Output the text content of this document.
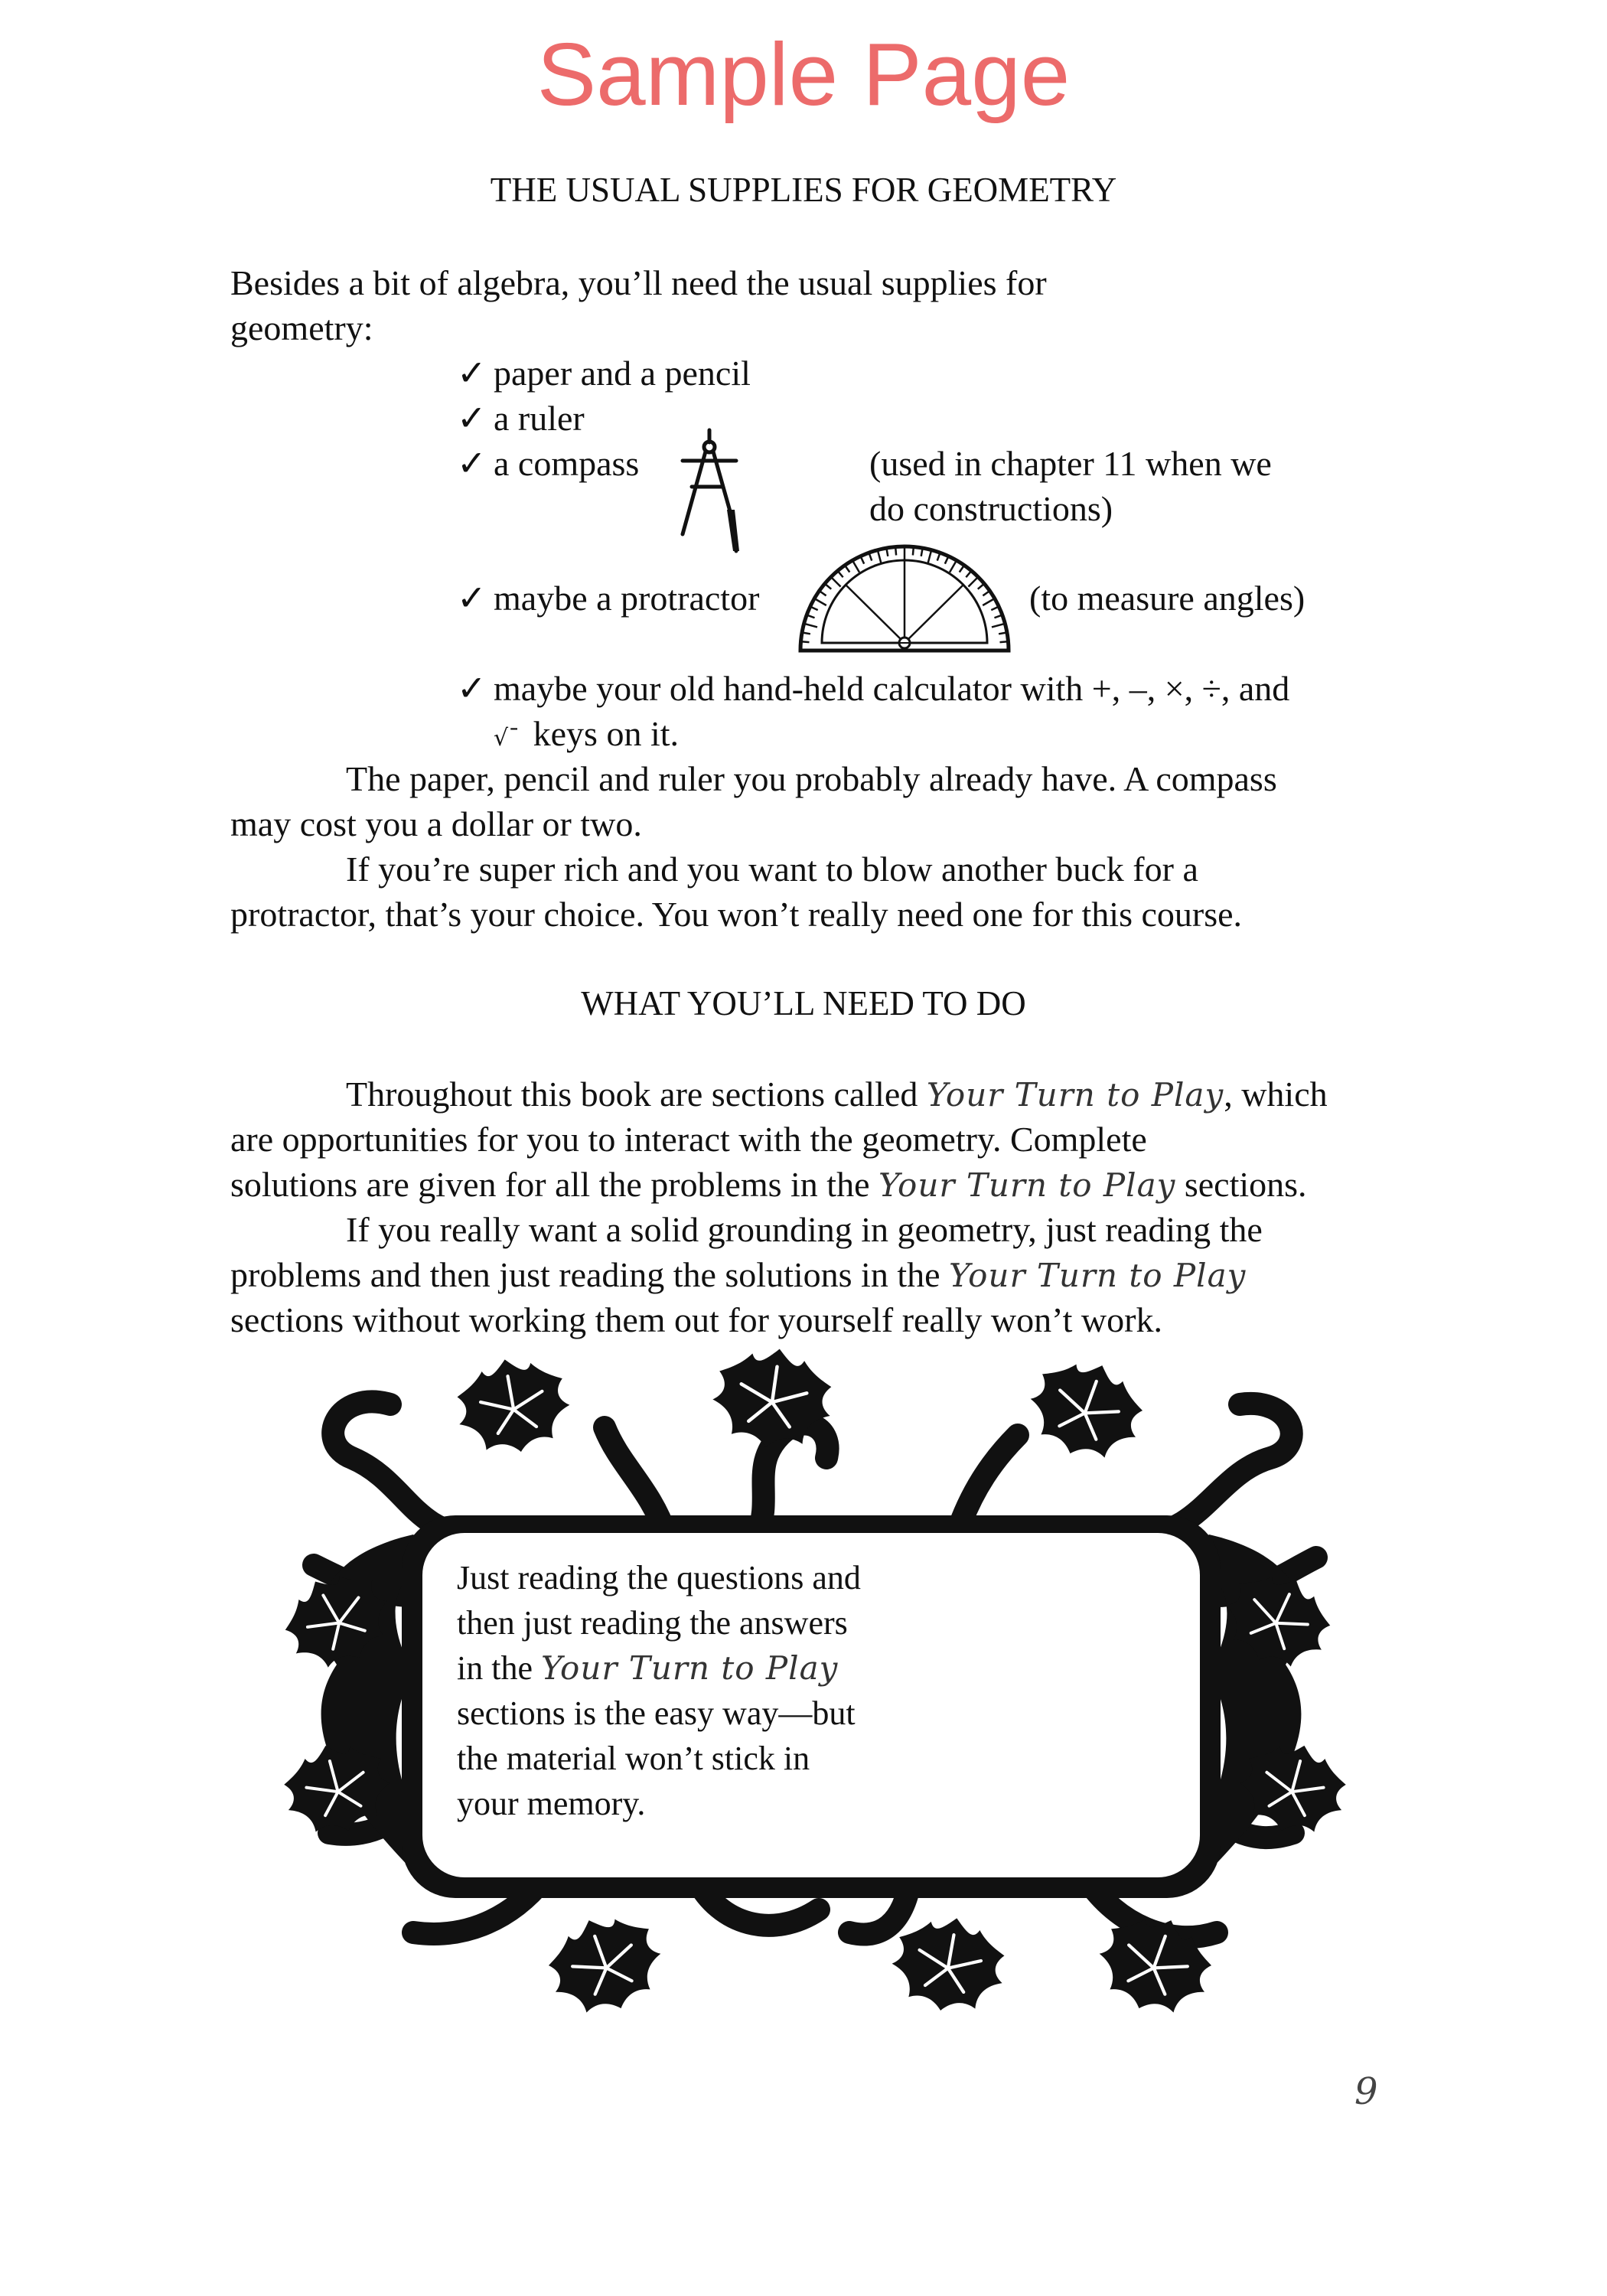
Sample Page
THE USUAL SUPPLIES FOR GEOMETRY
Besides a bit of algebra, you’ll need the usual supplies for
geometry:
✓ paper and a pencil
✓ a ruler
✓ a compass	(used in chapter 11 when we
do constructions)
✓ maybe a protractor	(to measure angles)
✓ maybe your old hand-held calculator with +, –, ×, ÷, and
√¯ keys on it.
The paper, pencil and ruler you probably already have. A compass
may cost you a dollar or two.
If you’re super rich and you want to blow another buck for a
protractor, that’s your choice. You won’t really need one for this course.
WHAT YOU’LL NEED TO DO
Throughout this book are sections called Your Turn to Play, which
are opportunities for you to interact with the geometry. Complete
solutions are given for all the problems in the Your Turn to Play sections.
If you really want a solid grounding in geometry, just reading the
problems and then just reading the solutions in the Your Turn to Play
sections without working them out for yourself really won’t work.
Just reading the questions and
then just reading the answers
in the Your Turn to Play
sections is the easy way—but
the material won’t stick in
your memory.
9
